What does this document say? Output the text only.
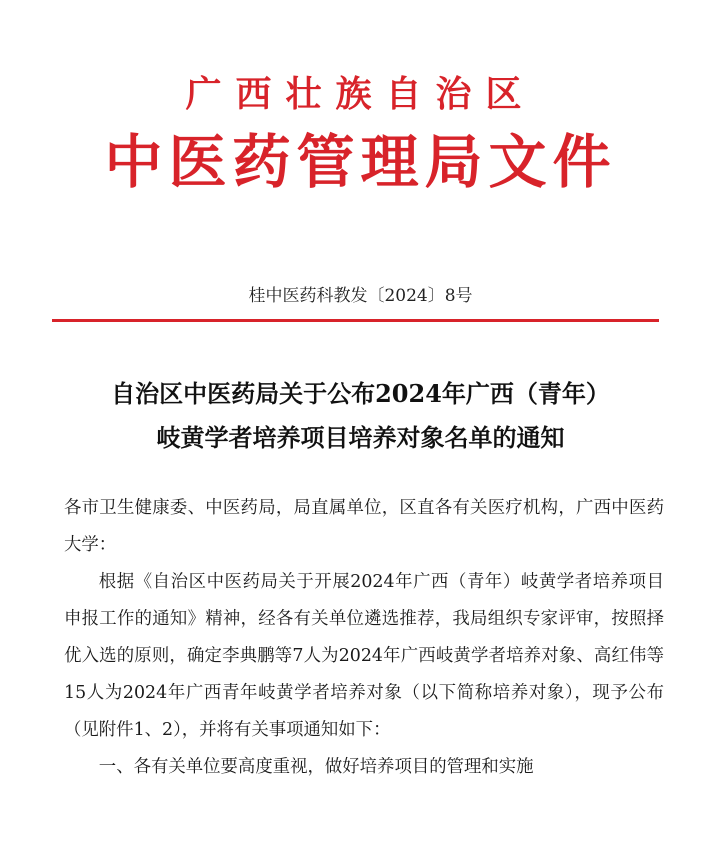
广西壮族自治区
中医药管理局文件
桂中医药科教发〔2024〕8号
自治区中医药局关于公布2024年广西（青年）
岐黄学者培养项目培养对象名单的通知

各市卫生健康委、中医药局，局直属单位，区直各有关医疗机构，广西中医药大学：

根据《自治区中医药局关于开展2024年广西（青年）岐黄学者培养项目申报工作的通知》精神，经各有关单位遴选推荐，我局组织专家评审，按照择优入选的原则，确定李典鹏等7人为2024年广西岐黄学者培养对象、高红伟等15人为2024年广西青年岐黄学者培养对象（以下简称培养对象），现予公布（见附件1、2），并将有关事项通知如下：

一、各有关单位要高度重视，做好培养项目的管理和实施
